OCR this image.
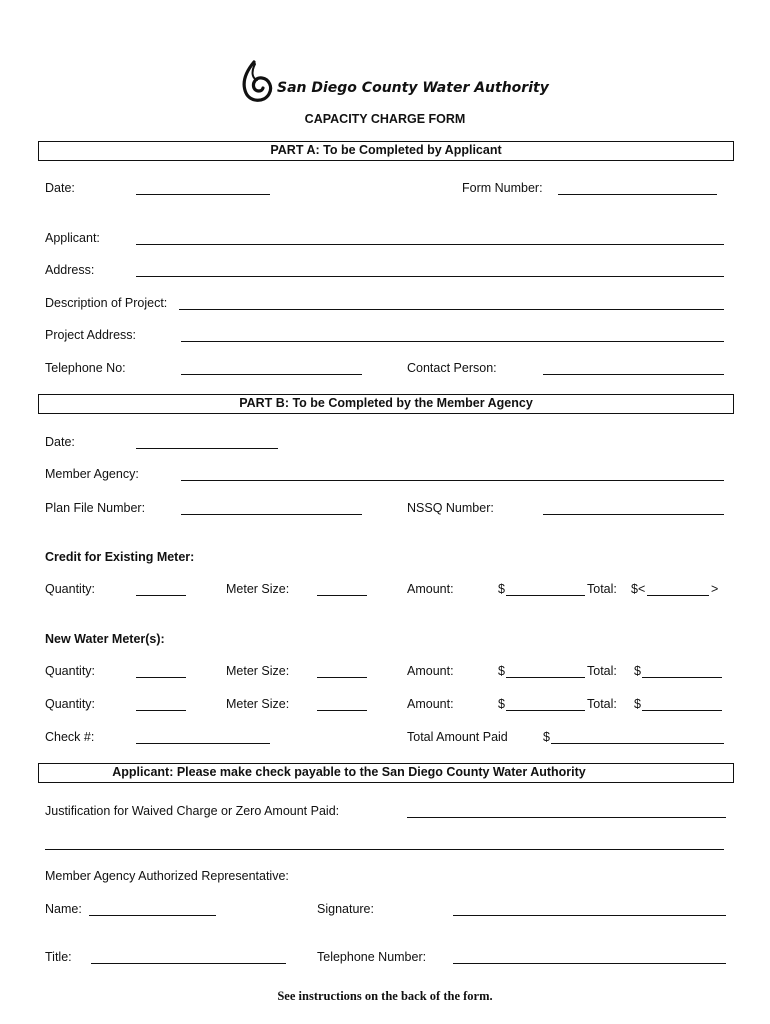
San Diego County Water Authority
CAPACITY CHARGE FORM
PART A: To be Completed by Applicant
Date:	Form Number:
Applicant:
Address:
Description of Project:
Project Address:
Telephone No:	Contact Person:
PART B: To be Completed by the Member Agency
Date:
Member Agency:
Plan File Number:	NSSQ Number:
Credit for Existing Meter:
Quantity:	Meter Size:	Amount:	$	Total: $<	>
New Water Meter(s):
Quantity:	Meter Size:	Amount:	$	Total: $
Quantity:	Meter Size:	Amount:	$	Total: $
Check #:	Total Amount Paid	$
Applicant: Please make check payable to the San Diego County Water Authority
Justification for Waived Charge or Zero Amount Paid:
Member Agency Authorized Representative:
Name:	Signature:
Title:	Telephone Number:
See instructions on the back of the form.
